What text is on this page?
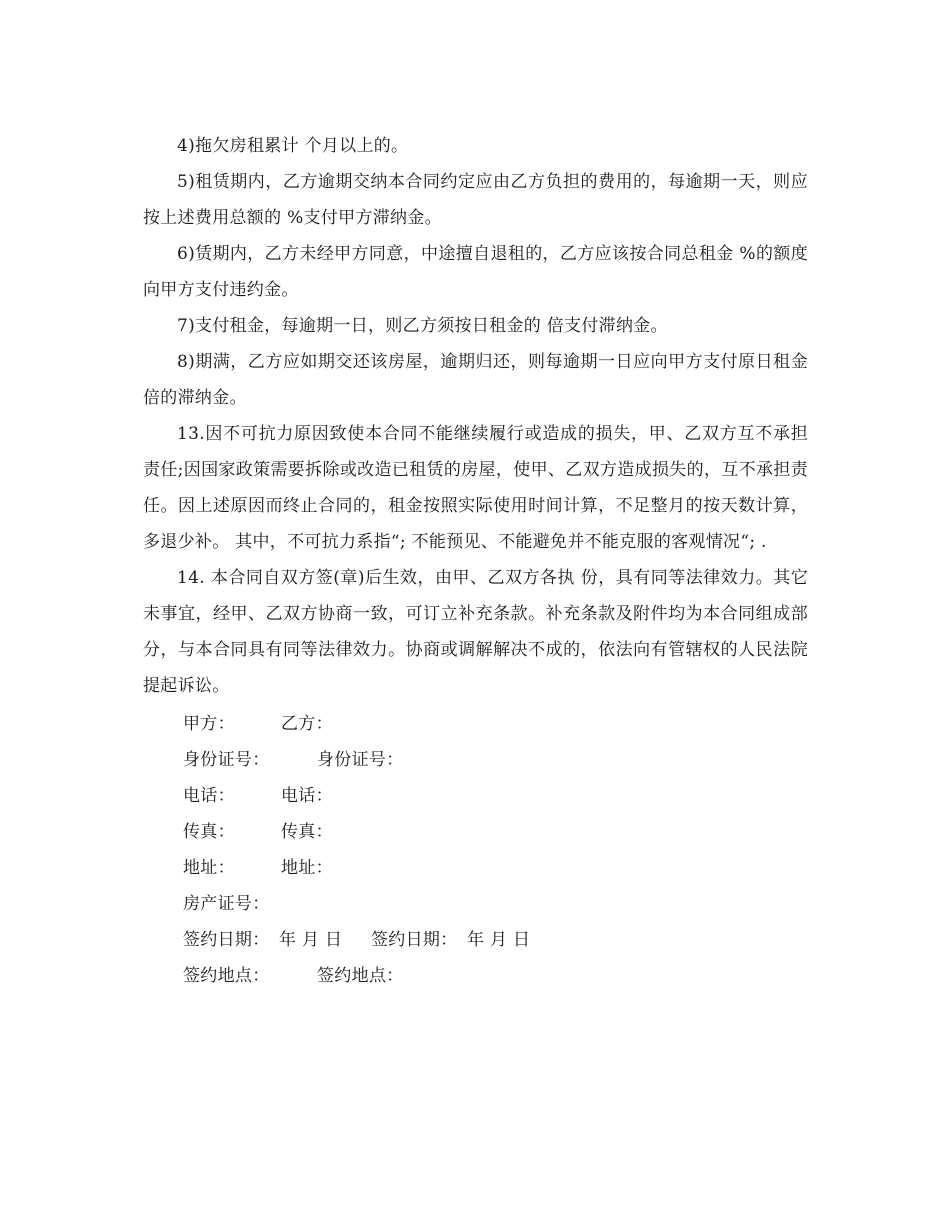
4)拖欠房租累计 个月以上的。

5)租赁期内，乙方逾期交纳本合同约定应由乙方负担的费用的，每逾期一天，则应按上述费用总额的 %支付甲方滞纳金。

6)赁期内，乙方未经甲方同意，中途擅自退租的，乙方应该按合同总租金 %的额度向甲方支付违约金。

7)支付租金，每逾期一日，则乙方须按日租金的 倍支付滞纳金。

8)期满，乙方应如期交还该房屋，逾期归还，则每逾期一日应向甲方支付原日租金倍的滞纳金。

13.因不可抗力原因致使本合同不能继续履行或造成的损失，甲、乙双方互不承担责任;因国家政策需要拆除或改造已租赁的房屋，使甲、乙双方造成损失的，互不承担责任。因上述原因而终止合同的，租金按照实际使用时间计算，不足整月的按天数计算，多退少补。 其中，不可抗力系指“; 不能预见、不能避免并不能克服的客观情况“; .

14. 本合同自双方签(章)后生效，由甲、乙双方各执 份，具有同等法律效力。其它未事宜，经甲、乙双方协商一致，可订立补充条款。补充条款及附件均为本合同组成部分，与本合同具有同等法律效力。协商或调解解决不成的，依法向有管辖权的人民法院提起诉讼。

甲方：	乙方：
身份证号：	身份证号：
电话：	电话：
传真：	传真：
地址：	地址：
房产证号：
签约日期： 年 月 日	签约日期： 年 月 日
签约地点：	签约地点：
